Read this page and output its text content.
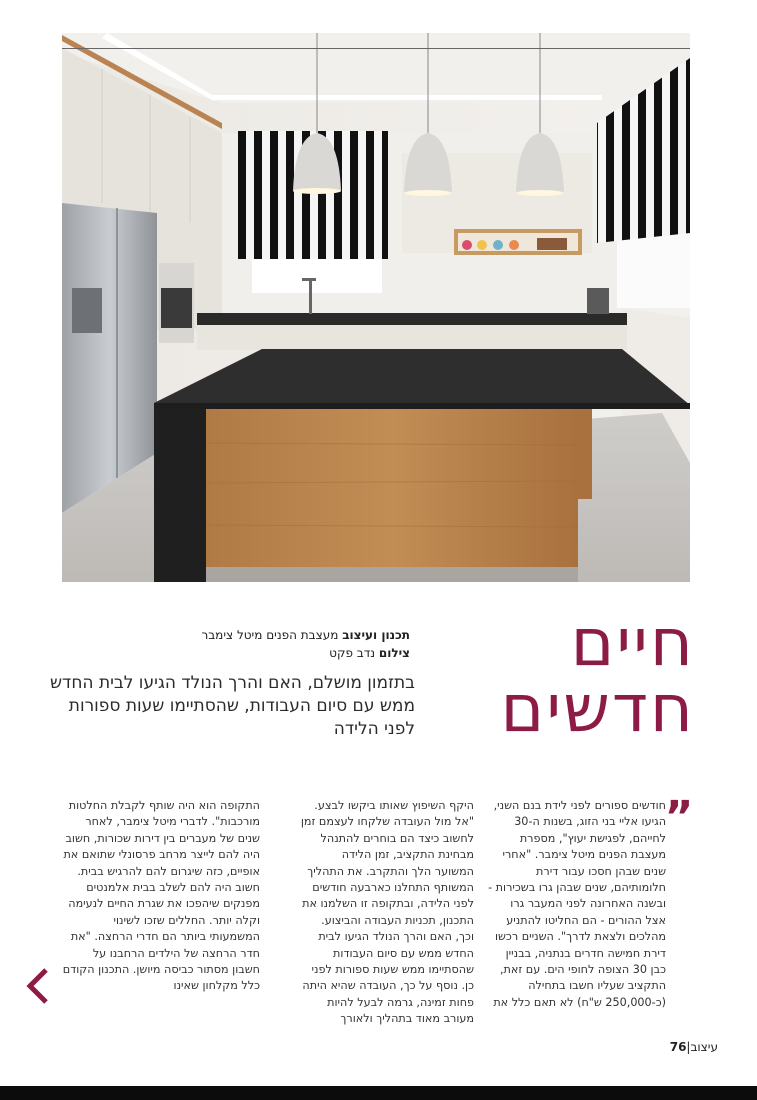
חיים
חדשים
תכנון ועיצוב מעצבת הפנים מיטל צימבר
צילום נדב פקט
בתזמון מושלם, האם והרך הנולד הגיעו לבית החדש ממש עם סיום העבודות, שהסתיימו שעות ספורות לפני הלידה
”

חודשים ספורים לפני לידת בנם השני, הגיעו אליי בני הזוג, בשנות ה-30 לחייהם, לפגישת יעוץ", מספרת מעצבת הפנים מיטל צימבר. "אחרי שנים שבהן חסכו עבור דירת חלומותיהם, שנים שבהן גרו בשכירות - ובשנה האחרונה לפני המעבר גרו אצל ההורים - הם החליטו להתניע מהלכים ולצאת לדרך". השניים רכשו דירת חמישה חדרים בנתניה, בבניין כבן 30 הצופה לחופי הים. עם זאת, התקציב שעליו חשבו בתחילה (כ-250,000 ש"ח) לא תאם כלל את

היקף השיפוץ שאותו ביקשו לבצע. "אל מול העובדה שלקחו לעצמם זמן לחשוב כיצד הם בוחרים להתנהל מבחינת התקציב, זמן הלידה המשוער הלך והתקרב. את התהליך המשותף התחלנו כארבעה חודשים לפני הלידה, ובתקופה זו השלמנו את התכנון, תכניות העבודה והביצוע. וכך, האם והרך הנולד הגיעו לבית החדש ממש עם סיום העבודות שהסתיימו ממש שעות ספורות לפני כן. נוסף על כך, העובדה שהיא היתה פחות זמינה, גרמה לבעל להיות מעורב מאוד בתהליך ולאורך

התקופה הוא היה שותף לקבלת החלטות מורכבות". לדברי מיטל צימבר, לאחר שנים של מעברים בין דירות שכורות, חשוב היה להם לייצר מרחב פרסונלי שתואם את אופיים, כזה שיגרום להם להרגיש בבית. חשוב היה להם לשלב בבית אלמנטים מפנקים שיהפכו את שגרת החיים לנעימה וקלה יותר. החללים שזכו לשינוי המשמעותי ביותר הם חדרי הרחצה. "את חדר הרחצה של הילדים הרחבנו על חשבון מסתור כביסה מיושן. התכנון הקודם כלל מקלחון שאינו

עיצוב|76
